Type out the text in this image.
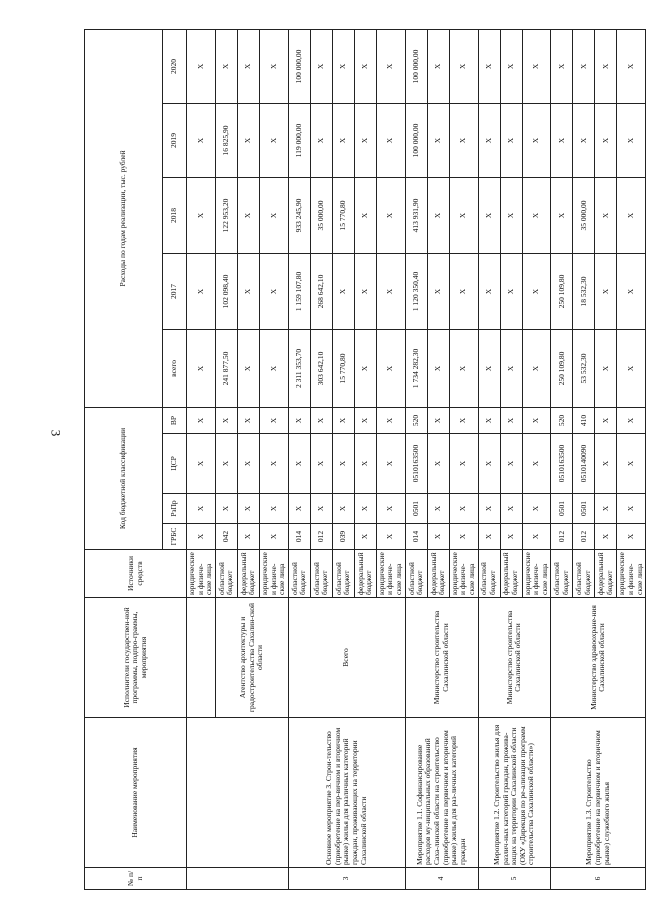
3
№ п/п	Наименование мероприятия	Исполнители государствен-ной программы, подпро-граммы, мероприятия	Источники средств	Код бюджетной классификации				Расходы по годам реализации, тыс. рублей				
				ГРБС	РзПр	ЦСР	ВР	всего	2017	2018	2019	2020
			юридические и физиче-ские лица	Х	Х	Х	Х	Х	Х	Х	Х	Х
		Агентство архитектуры и градостроительства Сахалин-ской области	областной бюджет	042	Х	Х	Х	241 877,50	102 098,40	122 953,20	16 825,90	Х
			федеральный бюджет	Х	Х	Х	Х	Х	Х	Х	Х	Х
			юридические и физиче-ские лица	Х	Х	Х	Х	Х	Х	Х	Х	Х
3	Основное мероприятие 3. Строи-тельство (приобретение на пер-вичном и вторичном рынке) жилья для различных категорий граждан, проживающих на территории Сахалинской области	Всего	областной бюджет	014	Х	Х	Х	2 311 353,70	1 159 107,80	933 245,90	119 000,00	100 000,00
			областной бюджет	012	Х	Х	Х	303 642,10	268 642,10	35 000,00	Х	Х
			областной бюджет	039	Х	Х	Х	15 770,80	Х	15 770,80	Х	Х
			федеральный бюджет	Х	Х	Х	Х	Х	Х	Х	Х	Х
			юридические и физиче-ские лица	Х	Х	Х	Х	Х	Х	Х	Х	Х
4	Мероприятие 1.1. Софинансирование расходов му-ниципальных образований Саха-линской области на строительство (приобретение на первичном и вторичном рынке) жилья для раз-личных категорий граждан	Министерство строительства Сахалинской области	областной бюджет	014	0501	0510163500	520	1 734 282,30	1 120 350,40	413 931,90	100 000,00	100 000,00
			федеральный бюджет	Х	Х	Х	Х	Х	Х	Х	Х	Х
			юридические и физиче-ские лица	Х	Х	Х	Х	Х	Х	Х	Х	Х
5	Мероприятие 1.2. Строительство жилья для различ-ных категорий граждан, прожива-ющих на территории Сахалинской области (ОКУ «Дирекция по ре-ализации программ строительства Сахалинской области»)	Министерство строительства Сахалинской области	областной бюджет	Х	Х	Х	Х	Х	Х	Х	Х	Х
			федеральный бюджет	Х	Х	Х	Х	Х	Х	Х	Х	Х
			юридические и физиче-ские лица	Х	Х	Х	Х	Х	Х	Х	Х	Х
6	Мероприятие 1.3. Строительство (приобретение на первичном и вторичном рынке) служебного жилья	Министерство здравоохране-ния Сахалинской области	областной бюджет	012	0501	0510163500	520	250 109,80	250 109,80	Х	Х	Х
			областной бюджет	012	0501	0510140090	410	53 532,30	18 532,30	35 000,00	Х	Х
			федеральный бюджет	Х	Х	Х	Х	Х	Х	Х	Х	Х
			юридические и физиче-ские лица	Х	Х	Х	Х	Х	Х	Х	Х	Х
